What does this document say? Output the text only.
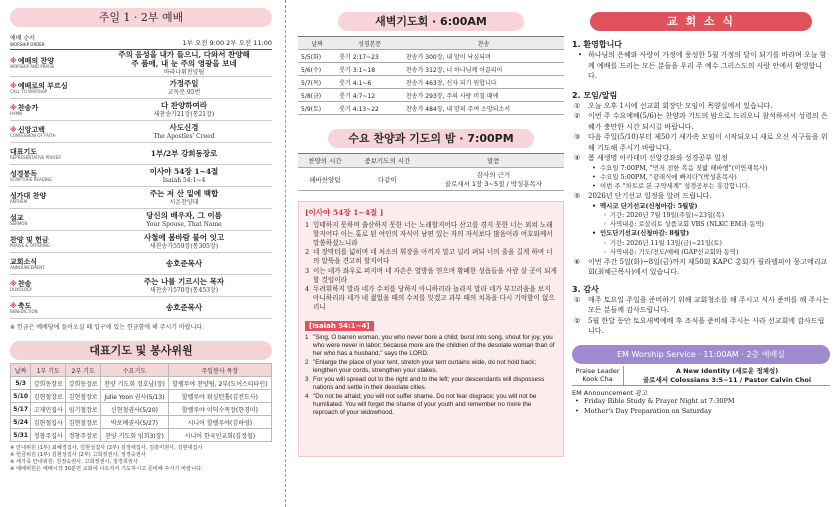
주일 1 · 2부 예배
예배 순서
WORSHIP ORDER	1부 오전 9:00 2부 오전 11:00
※예배의 찬양
WORSHIP AND PRAISE
주의 음성을 내가 들으니, 다와서 찬양해
주 품에, 내 눈 주의 영광을 보네
바라나워찬양팀
※예배로의 부르심
CALL TO WORSHIP
가정주일
교독문 95번
※찬송가
HYMN
다 찬양하여라
새찬송가21장(통21장)
※신앙고백
CONFESSION OF FAITH
사도신경
The Apostles' Creed
대표기도
REPRESENTATIVE PRAYER	1부/2부 강희동장로
성경봉독
SCRIPTURE READING
이사야 54장 1~4절
Isaiah 54:1~4
성가대 찬양
ANTHEM
주는 저 산 밑에 백합
시온찬양대
설교
SERMON
당신의 배우자, 그 이름
Your Spouse, That Name
찬양 및 헌금
PRAISE & OFFERING
사철에 봄바람 불어 잇고
새찬송가559장(통305장)
교회소식
ANNOUNCEMENT	송호준목사
※찬송
DOXOLOGY
주는 나를 기르시는 목자
새찬송가570장(통453장)
※축도
BENEDICTION	송호준목사
※ 헌금은 예배당에 들어오실 때 입구에 있는 헌금함에 해 주시기 바랍니다.
대표기도 및 봉사위원
날짜	1부 기도	2부 기도	수요기도	주일봉사 목장
5/3	강희동장로	강희동장로	찬양 기도회 정호남(장)	할렐루야 찬양팀, 2부(도어스티타인)
5/10	김현철장로	김현철장로	Julie Yoon 권사(5/13)	할렐루야 워싱턴홀(김전도사)
5/17	고재민집사	임기철장로	신현철권사(5/20)	할렐루야 이덕수목장(한경미)
5/24	김현철집사	김현철장로	박포베권사(5/27)	시니어 할렐루야(김하영)
5/31	정창주집사	정창주장로	찬양 기도회 임희3(장)	시니어 한국인교회(김정철)
※ 안내위원 (1부) 최혜경집사, 김현성집사 (2부) 김정애집사, 김흥미권사, 김현대집사
※ 헌금위원 (1부) 김현성집사 (2부) 고희정권사, 정경숙권사
※ 세가족 안내위원: 김정숙권사, 고희정권사, 정경희권사
※ 예배위원은 예배시작 30분전 교회에 나오셔서 기도하시고 준비해 주시기 바랍니다.
새벽기도회 · 6:00AM
날짜	성경본문	찬송
5/5(화)	룻기 2:17~23	찬송가 300장, 내 맘이 낙심되며
5/6(수)	룻기 3:1~18	찬송가 312장, 너 하나님께 이끌리어
5/7(목)	룻기 4:1~6	찬송가 463장, 신자 되기 원합니다
5/8(금)	룻기 4:7~12	찬송가 293장, 주의 사랑 비칠 때에
5/9(토)	룻기 4:13~22	찬송가 484장, 내 맘의 주여 소망되소서
수요 찬양과 기도의 밤 · 7:00PM
찬양의 시간	중보기도의 시간	말씀
해바찬양팀	다같이	감사의 근거
골로새서 1장 3~5절 / 박성훈목사
[이사야 54장 1~4절 ]
1 잉태하지 못하며 출산하지 못한 너는 노래할지어다 산고를 겪지 못한 너는 외쳐 노래할지어다 이는 홀로 된 여인의 자식이 남편 있는 자의 자식보다 많음이라 여호와께서 말씀하셨느니라
2 네 장막터를 넓히며 네 처소의 휘장을 아끼지 말고 널리 펴되 너의 줄을 길게 하며 너의 말뚝을 견고히 할지어다
3 이는 네가 좌우로 퍼지며 네 자손은 열방을 얻으며 황폐한 성읍들을 사람 살 곳이 되게 할 것임이라
4 두려워하지 말라 네가 수치를 당하지 아니하리라 놀라지 말라 네가 부끄러움을 보지 아니하리라 네가 네 젊었을 때의 수치를 잊겠고 과부 때의 치욕을 다시 기억함이 없으리니
[Isaiah 54:1~4]
1 "Sing, O barren woman, you who never bore a child; burst into song, shout for joy, you who were never in labor; because more are the children of the desolate woman than of her who has a husband," says the LORD.
2 "Enlarge the place of your tent, stretch your tent curtains wide, do not hold back; lengthen your cords, strengthen your stakes.
3 For you will spread out to the right and to the left; your descendants will dispossess nations and settle in their desolate cities.
4 "Do not be afraid; you will not suffer shame. Do not fear disgrace; you will not be humiliated. You will forget the shame of your youth and remember no more the reproach of your widowhood.
교 회 소 식
1. 환영합니다
• 하나님의 은혜와 사랑이 가정에 풍성한 5월 가정의 달이 되기를 바라며 오늘 함께 예배를 드리는 모든 분들을 우리 주 예수 그리스도의 사랑 안에서 환영합니다.
2. 모임/알림
① 오늘 오후 1시에 선교회 회장단 모임이 목양실에서 있습니다.
② 이번 주 수요예배(5/6)는 찬양과 기도의 밤으로 드리오니 참석하셔서 성령의 은혜가 충만한 시간 되시길 바랍니다.
③ 다음 주일(5/10)부터 제50기 새가족 모임이 시작되오니 새로 오신 식구들을 위해 기도해 주시기 바랍니다.
④ 봄 새생명 아카데미 신앙강좌와 성경공부 일정
• 수요일 7:00PM, "먼저 전한 복음 짓밟 해바행"(이만재목사)
• 수요일 5:00PM, "광래식에 빠지다"(박성훈목사)
• 이번 주 "차트로 본 구약세계" 성경공부는 휴강합니다.
⑤ 2026년 단기선교 일정을 알려 드립니다.
• 멕시코 단기선교(신청마감: 5월말)
◦ 기간: 2026년 7월 19일(주일)~23일(목)
◦ 사역내용: 로살리토 상품교회 VBS (NLKC EM과 동역)
• 인도단기선교(신청마감: 8월말)
◦ 기간: 2026년 11월 13일(금)~21일(토)
◦ 사역내용: 기도/전도/예배 (GAP선교회와 동역)
⑥ 이번 주간 5일(화)~8일(금)까지 제50회 KAPC 총회가 필라델피아 뭉고메리교회(최혜근목사)에서 있습니다.
3. 감사
① 매주 토요일 주일을 준비하기 위해 교회청소를 해 주시고 식사 준비를 해 주시는 모든 분들께 감사드립니다.
② 5월 한달 동안 토요새벽예배 후 조식을 준비해 주시는 사라 선교회에 감사드립니다.
EM Worship Service · 11:00AM · 2층 예배실
Praise Leader
Kook Cha
A New Identity (새로운 정체성)
골로새서 Colossians 3:5~11 / Pastor Calvin Choi
EM Announcement 광고
• Friday Bible Study & Prayer Night at 7:30PM
• Mother's Day Preparation on Saturday
